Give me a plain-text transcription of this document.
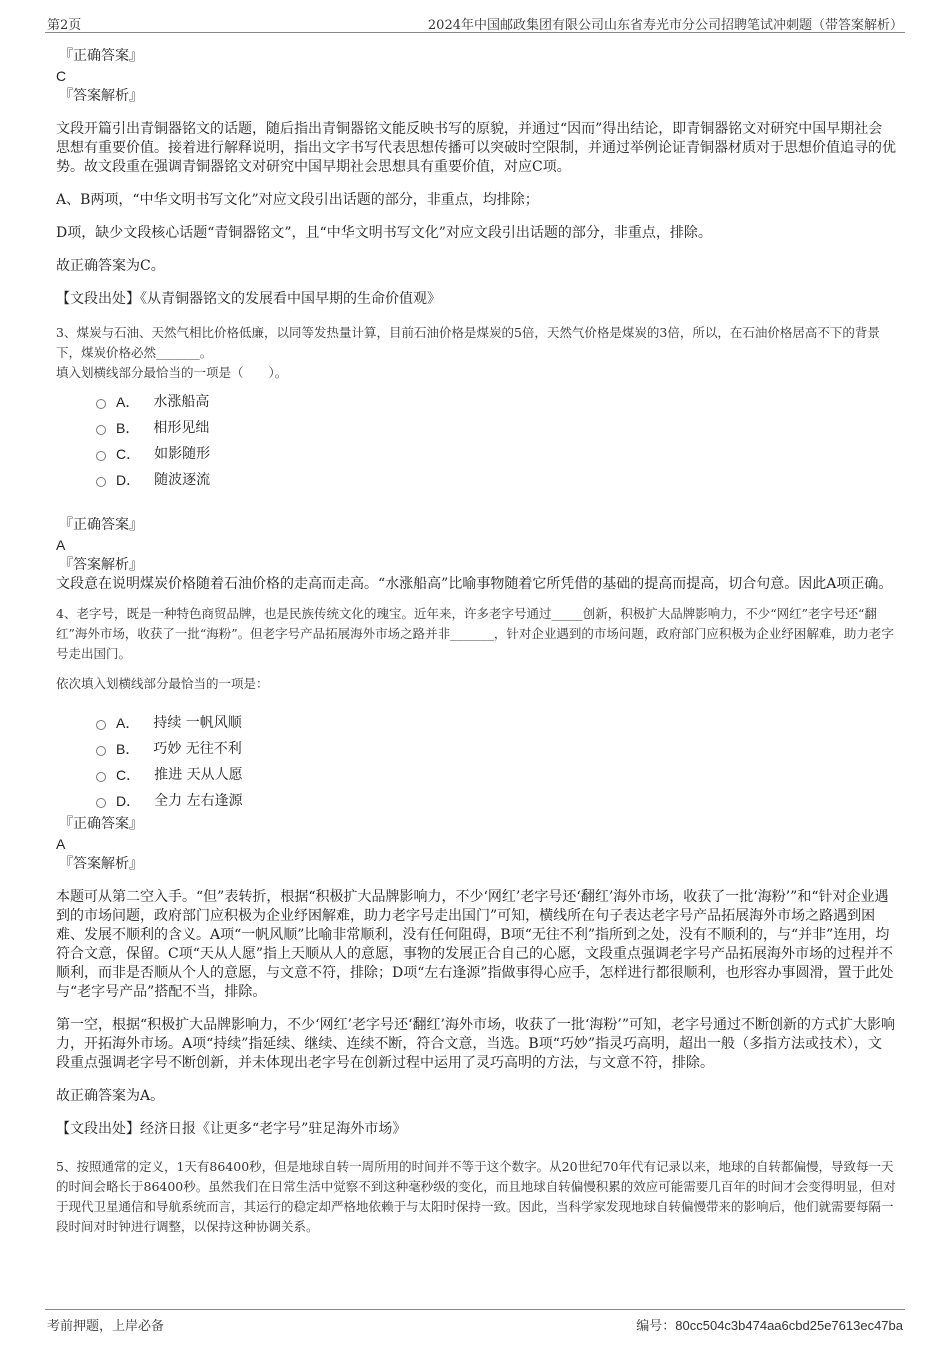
第2页	2024年中国邮政集团有限公司山东省寿光市分公司招聘笔试冲刺题（带答案解析）
『正确答案』
C
『答案解析』

文段开篇引出青铜器铭文的话题，随后指出青铜器铭文能反映书写的原貌，并通过“因而”得出结论，即青铜器铭文对研究中国早期社会思想有重要价值。接着进行解释说明，指出文字书写代表思想传播可以突破时空限制，并通过举例论证青铜器材质对于思想价值追寻的优势。故文段重在强调青铜器铭文对研究中国早期社会思想具有重要价值，对应C项。

A、B两项，“中华文明书写文化”对应文段引出话题的部分，非重点，均排除；

D项，缺少文段核心话题“青铜器铭文”，且“中华文明书写文化”对应文段引出话题的部分，非重点，排除。

故正确答案为C。

【文段出处】《从青铜器铭文的发展看中国早期的生命价值观》

3、煤炭与石油、天然气相比价格低廉，以同等发热量计算，目前石油价格是煤炭的5倍，天然气价格是煤炭的3倍，所以，在石油价格居高不下的背景下，煤炭价格必然_______。

填入划横线部分最恰当的一项是（　　）。

A． 水涨船高
B． 相形见绌
C． 如影随形
D． 随波逐流
『正确答案』
A
『答案解析』

文段意在说明煤炭价格随着石油价格的走高而走高。“水涨船高”比喻事物随着它所凭借的基础的提高而提高，切合句意。因此A项正确。

4、老字号，既是一种特色商贸品牌，也是民族传统文化的瑰宝。近年来，许多老字号通过_____创新，积极扩大品牌影响力，不少“网红”老字号还“翻红”海外市场，收获了一批“海粉”。但老字号产品拓展海外市场之路并非_______，针对企业遇到的市场问题，政府部门应积极为企业纾困解难，助力老字号走出国门。

依次填入划横线部分最恰当的一项是：

A． 持续 一帆风顺
B． 巧妙 无往不利
C． 推进 天从人愿
D． 全力 左右逢源
『正确答案』
A
『答案解析』

本题可从第二空入手。“但”表转折，根据“积极扩大品牌影响力，不少‘网红’老字号还‘翻红’海外市场，收获了一批‘海粉’”和“针对企业遇到的市场问题，政府部门应积极为企业纾困解难，助力老字号走出国门”可知，横线所在句子表达老字号产品拓展海外市场之路遇到困难、发展不顺利的含义。A项“一帆风顺”比喻非常顺利，没有任何阻碍，B项“无往不利”指所到之处，没有不顺利的，与“并非”连用，均符合文意，保留。C项“天从人愿”指上天顺从人的意愿，事物的发展正合自己的心愿，文段重点强调老字号产品拓展海外市场的过程并不顺利，而非是否顺从个人的意愿，与文意不符，排除；D项“左右逢源”指做事得心应手，怎样进行都很顺利，也形容办事圆滑，置于此处与“老字号产品”搭配不当，排除。

第一空，根据“积极扩大品牌影响力，不少‘网红’老字号还‘翻红’海外市场，收获了一批‘海粉’”可知，老字号通过不断创新的方式扩大影响力，开拓海外市场。A项“持续”指延续、继续、连续不断，符合文意，当选。B项“巧妙”指灵巧高明，超出一般（多指方法或技术），文段重点强调老字号不断创新，并未体现出老字号在创新过程中运用了灵巧高明的方法，与文意不符，排除。

故正确答案为A。

【文段出处】经济日报《让更多“老字号”驻足海外市场》

5、按照通常的定义，1天有86400秒，但是地球自转一周所用的时间并不等于这个数字。从20世纪70年代有记录以来，地球的自转都偏慢，导致每一天的时间会略长于86400秒。虽然我们在日常生活中觉察不到这种毫秒级的变化，而且地球自转偏慢积累的效应可能需要几百年的时间才会变得明显，但对于现代卫星通信和导航系统而言，其运行的稳定却严格地依赖于与太阳时保持一致。因此，当科学家发现地球自转偏慢带来的影响后，他们就需要每隔一段时间对时钟进行调整，以保持这种协调关系。

考前押题，上岸必备	编号：80cc504c3b474aa6cbd25e7613ec47ba
